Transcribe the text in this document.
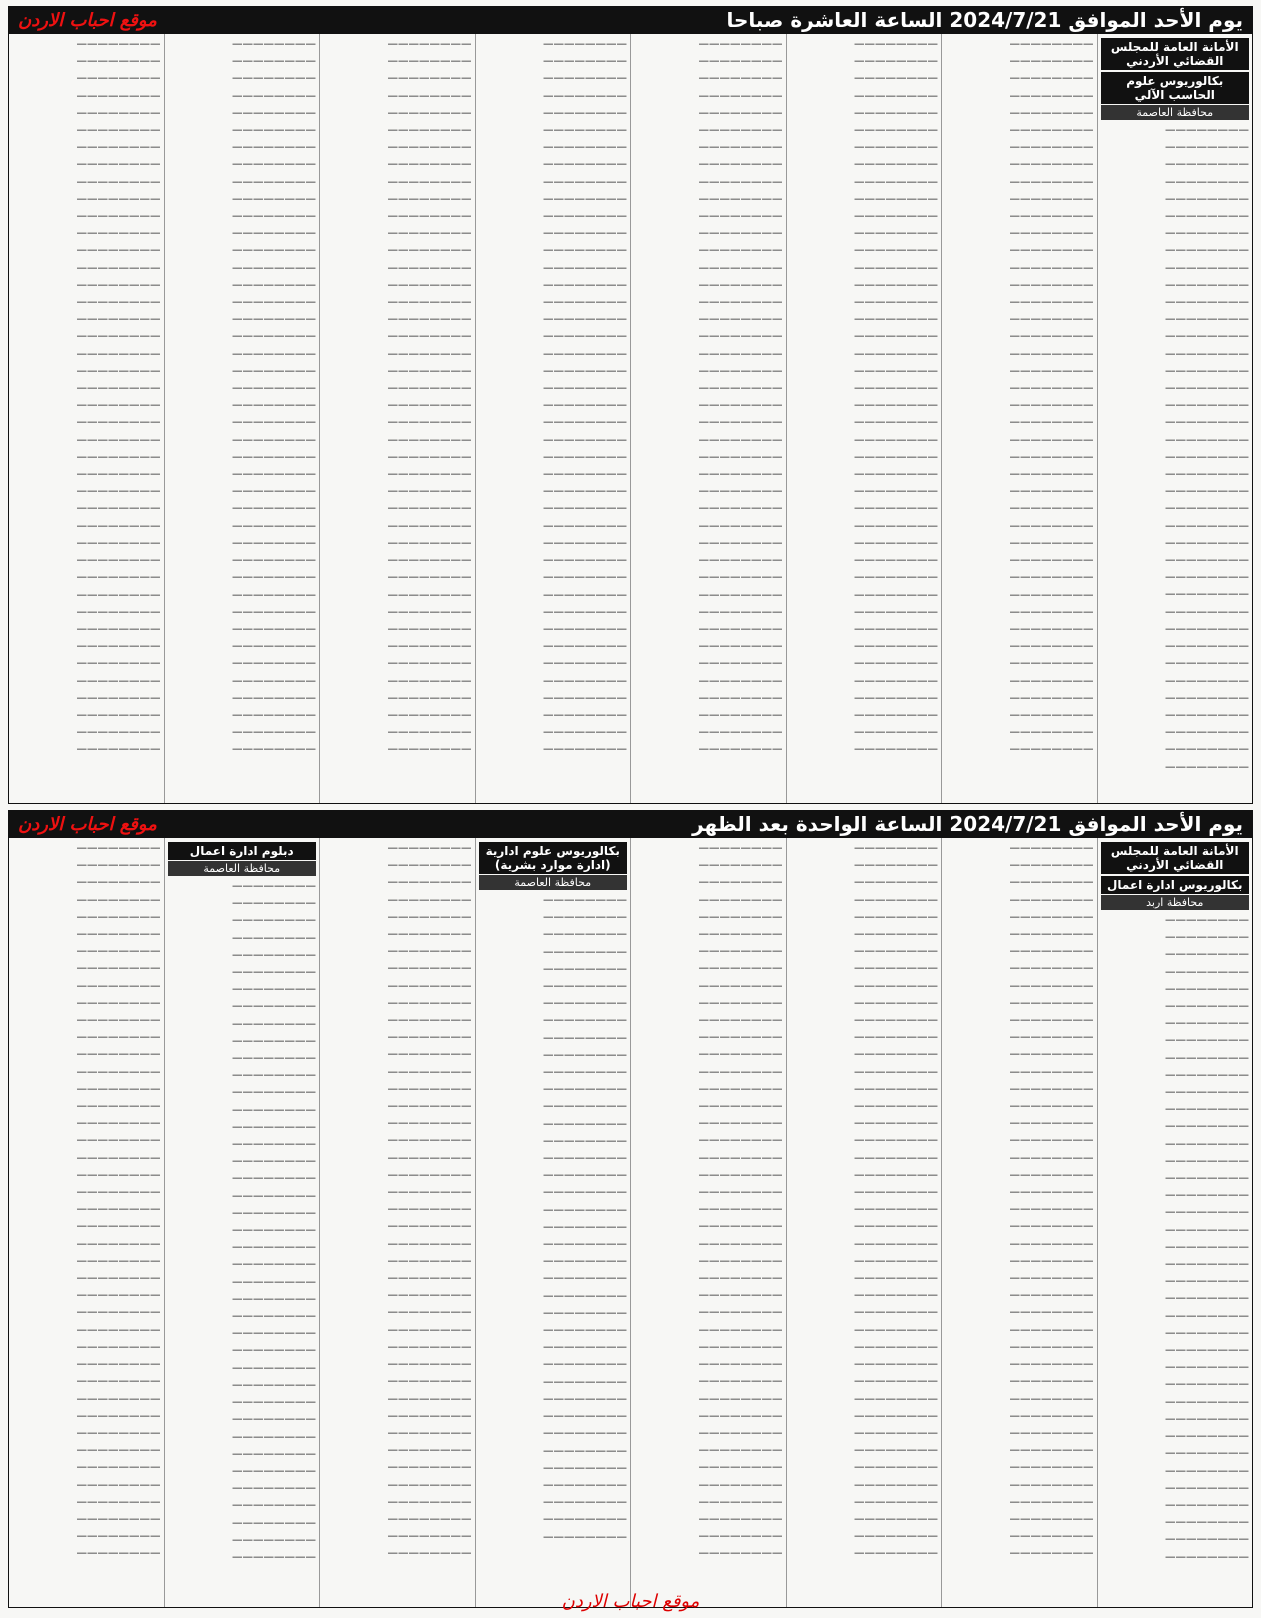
يوم الأحد الموافق 2024/7/21 الساعة العاشرة صباحا
موقع احباب الاردن
الأمانة العامة للمجلس القضائي الأردني
بكالوريوس علوم الحاسب الآلي
محافظة العاصمة
————————
————————
————————
————————
————————
————————
————————
————————
————————
————————
————————
————————
————————
————————
————————
————————
————————
————————
————————
————————
————————
————————
————————
————————
————————
————————
————————
————————
————————
————————
————————
————————
————————
————————
————————
————————
————————
————————
————————
————————
————————
————————
————————
————————
————————
————————
————————
————————
————————
————————
————————
————————
————————
————————
————————
————————
————————
————————
————————
————————
————————
————————
————————
————————
————————
————————
————————
————————
————————
————————
————————
————————
————————
————————
————————
————————
————————
————————
————————
————————
————————
————————
————————
————————
————————
————————
————————
————————
————————
————————
————————
————————
————————
————————
————————
————————
————————
————————
————————
————————
————————
————————
————————
————————
————————
————————
————————
————————
————————
————————
————————
————————
————————
————————
————————
————————
————————
————————
————————
————————
————————
————————
————————
————————
————————
————————
————————
————————
————————
————————
————————
————————
————————
————————
————————
————————
————————
————————
————————
————————
————————
————————
————————
————————
————————
————————
————————
————————
————————
————————
————————
————————
————————
————————
————————
————————
————————
————————
————————
————————
————————
————————
————————
————————
————————
————————
————————
————————
————————
————————
————————
————————
————————
————————
————————
————————
————————
————————
————————
————————
————————
————————
————————
————————
————————
————————
————————
————————
————————
————————
————————
————————
————————
————————
————————
————————
————————
————————
————————
————————
————————
————————
————————
————————
————————
————————
————————
————————
————————
————————
————————
————————
————————
————————
————————
————————
————————
————————
————————
————————
————————
————————
————————
————————
————————
————————
————————
————————
————————
————————
————————
————————
————————
————————
————————
————————
————————
————————
————————
————————
————————
————————
————————
————————
————————
————————
————————
————————
————————
————————
————————
————————
————————
————————
————————
————————
————————
————————
————————
————————
————————
————————
————————
————————
————————
————————
————————
————————
————————
————————
————————
————————
————————
————————
————————
————————
————————
————————
————————
————————
————————
————————
————————
————————
————————
————————
————————
————————
————————
————————
————————
————————
————————
————————
————————
————————
————————
————————
————————
————————
————————
————————
————————
————————
————————
————————
————————
————————
————————
————————
————————
————————
————————
————————
————————
————————
————————
————————
————————
————————
————————
————————
————————
————————
————————
————————
————————
————————
————————
————————
————————
————————
يوم الأحد الموافق 2024/7/21 الساعة الواحدة بعد الظهر
موقع احباب الاردن
الأمانة العامة للمجلس القضائي الأردني
بكالوريوس ادارة اعمال
محافظة اربد
————————
————————
————————
————————
————————
————————
————————
————————
————————
————————
————————
————————
————————
————————
————————
————————
————————
————————
————————
————————
————————
————————
————————
————————
————————
————————
————————
————————
————————
————————
————————
————————
————————
————————
————————
————————
————————
————————
————————
————————
————————
————————
————————
————————
————————
————————
————————
————————
————————
————————
————————
————————
————————
————————
————————
————————
————————
————————
————————
————————
————————
————————
————————
————————
————————
————————
————————
————————
————————
————————
————————
————————
————————
————————
————————
————————
————————
————————
————————
————————
————————
————————
————————
————————
————————
————————
————————
————————
————————
————————
————————
————————
————————
————————
————————
————————
————————
————————
————————
————————
————————
————————
————————
————————
————————
————————
————————
————————
————————
————————
————————
————————
————————
————————
————————
————————
————————
————————
————————
————————
————————
————————
————————
————————
————————
————————
————————
————————
————————
————————
————————
————————
————————
————————
————————
————————
————————
————————
————————
————————
————————
————————
————————
————————
————————
————————
————————
————————
————————
————————
————————
————————
————————
————————
————————
————————
————————
————————
————————
————————
————————
————————
————————
————————
بكالوريوس علوم ادارية (ادارة موارد بشرية)
محافظة العاصمة
————————
————————
————————
————————
————————
————————
————————
————————
————————
————————
————————
————————
————————
————————
————————
————————
————————
————————
————————
————————
————————
————————
————————
————————
————————
————————
————————
————————
————————
————————
————————
————————
————————
————————
————————
————————
————————
————————
————————
————————
————————
————————
————————
————————
————————
————————
————————
————————
————————
————————
————————
————————
————————
————————
————————
————————
————————
————————
————————
————————
————————
————————
————————
————————
————————
————————
————————
————————
————————
————————
————————
————————
————————
————————
————————
————————
————————
————————
————————
————————
دبلوم ادارة اعمال
محافظة العاصمة
————————
————————
————————
————————
————————
————————
————————
————————
————————
————————
————————
————————
————————
————————
————————
————————
————————
————————
————————
————————
————————
————————
————————
————————
————————
————————
————————
————————
————————
————————
————————
————————
————————
————————
————————
————————
————————
————————
————————
————————
————————
————————
————————
————————
————————
————————
————————
————————
————————
————————
————————
————————
————————
————————
————————
————————
————————
————————
————————
————————
————————
————————
————————
————————
————————
————————
————————
————————
————————
————————
————————
————————
————————
————————
————————
————————
————————
————————
————————
————————
————————
————————
موقع احباب الاردن
